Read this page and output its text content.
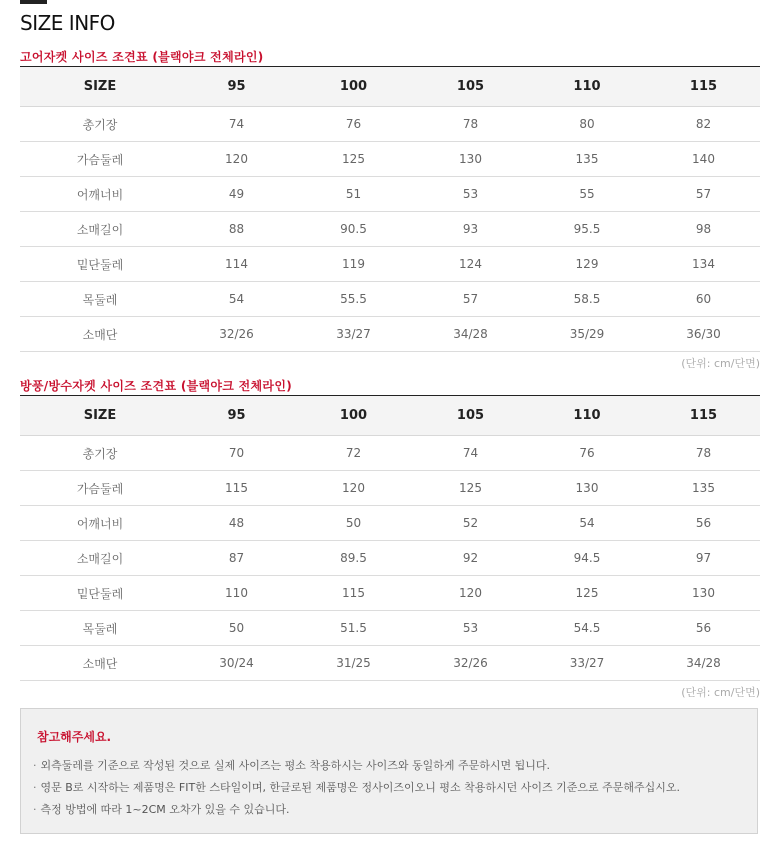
SIZE INFO
고어자켓 사이즈 조견표 (블랙야크 전체라인)
SIZE	95	100	105	110	115
총기장	74	76	78	80	82
가슴둘레	120	125	130	135	140
어깨너비	49	51	53	55	57
소매길이	88	90.5	93	95.5	98
밑단둘레	114	119	124	129	134
목둘레	54	55.5	57	58.5	60
소매단	32/26	33/27	34/28	35/29	36/30
(단위: cm/단면)
방풍/방수자켓 사이즈 조견표 (블랙야크 전체라인)
SIZE	95	100	105	110	115
총기장	70	72	74	76	78
가슴둘레	115	120	125	130	135
어깨너비	48	50	52	54	56
소매길이	87	89.5	92	94.5	97
밑단둘레	110	115	120	125	130
목둘레	50	51.5	53	54.5	56
소매단	30/24	31/25	32/26	33/27	34/28
(단위: cm/단면)
참고해주세요.
· 외측둘레를 기준으로 작성된 것으로 실제 사이즈는 평소 착용하시는 사이즈와 동일하게 주문하시면 됩니다.
· 영문 B로 시작하는 제품명은 FIT한 스타일이며, 한글로된 제품명은 정사이즈이오니 평소 착용하시던 사이즈 기준으로 주문해주십시오.
· 측정 방법에 따라 1~2CM 오차가 있을 수 있습니다.
